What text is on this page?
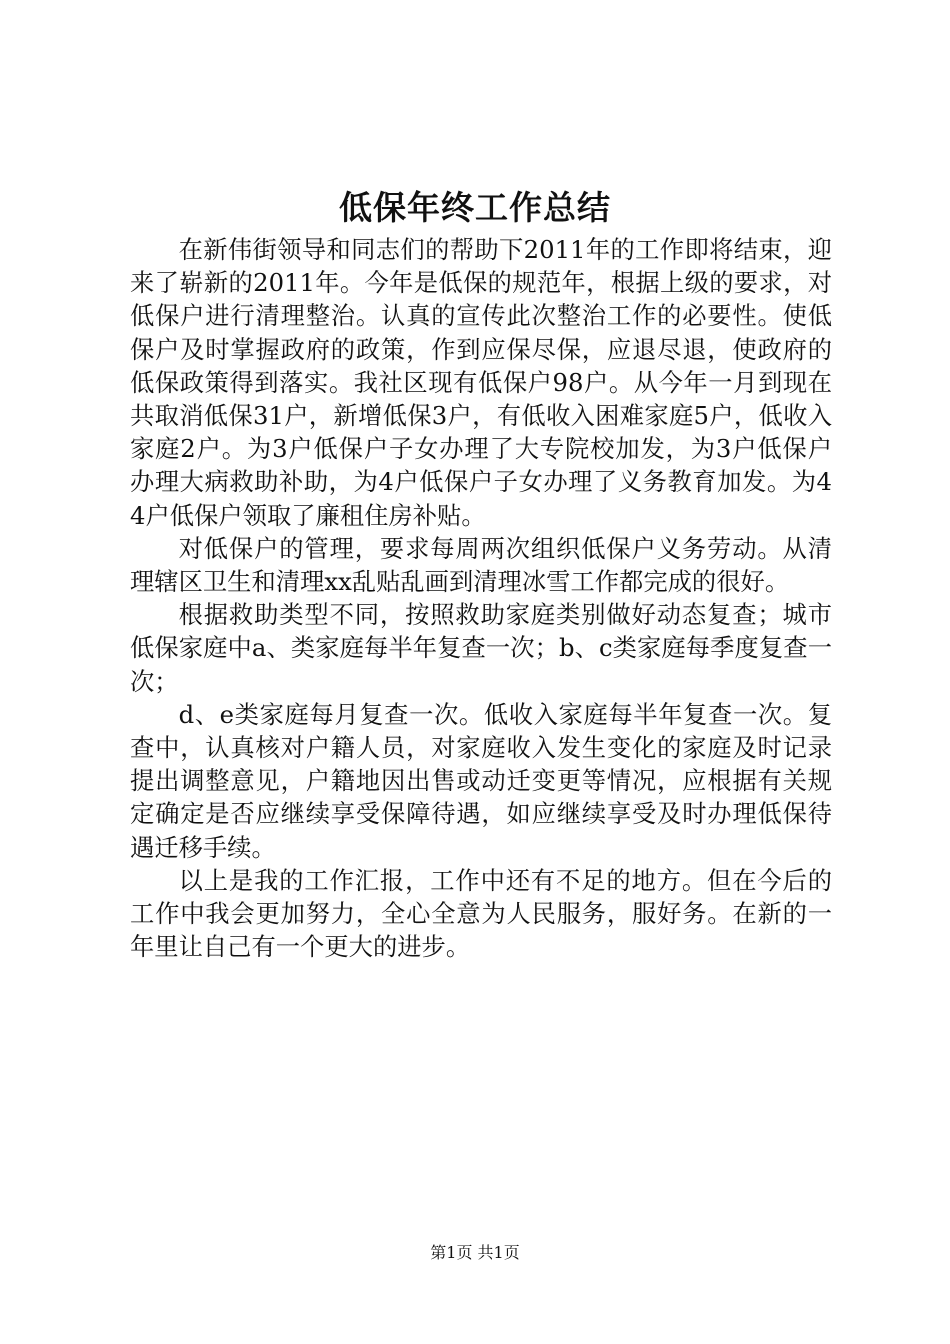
低保年终工作总结

在新伟街领导和同志们的帮助下2011年的工作即将结束，迎来了崭新的2011年。今年是低保的规范年，根据上级的要求，对低保户进行清理整治。认真的宣传此次整治工作的必要性。使低保户及时掌握政府的政策，作到应保尽保，应退尽退，使政府的低保政策得到落实。我社区现有低保户98户。从今年一月到现在共取消低保31户，新增低保3户，有低收入困难家庭5户，低收入家庭2户。为3户低保户子女办理了大专院校加发，为3户低保户办理大病救助补助，为4户低保户子女办理了义务教育加发。为44户低保户领取了廉租住房补贴。

对低保户的管理，要求每周两次组织低保户义务劳动。从清理辖区卫生和清理xx乱贴乱画到清理冰雪工作都完成的很好。

根据救助类型不同，按照救助家庭类别做好动态复查；城市低保家庭中a、类家庭每半年复查一次；b、c类家庭每季度复查一次；

d、e类家庭每月复查一次。低收入家庭每半年复查一次。复查中，认真核对户籍人员，对家庭收入发生变化的家庭及时记录提出调整意见，户籍地因出售或动迁变更等情况，应根据有关规定确定是否应继续享受保障待遇，如应继续享受及时办理低保待遇迁移手续。

以上是我的工作汇报，工作中还有不足的地方。但在今后的工作中我会更加努力，全心全意为人民服务，服好务。在新的一年里让自己有一个更大的进步。

第1页 共1页
